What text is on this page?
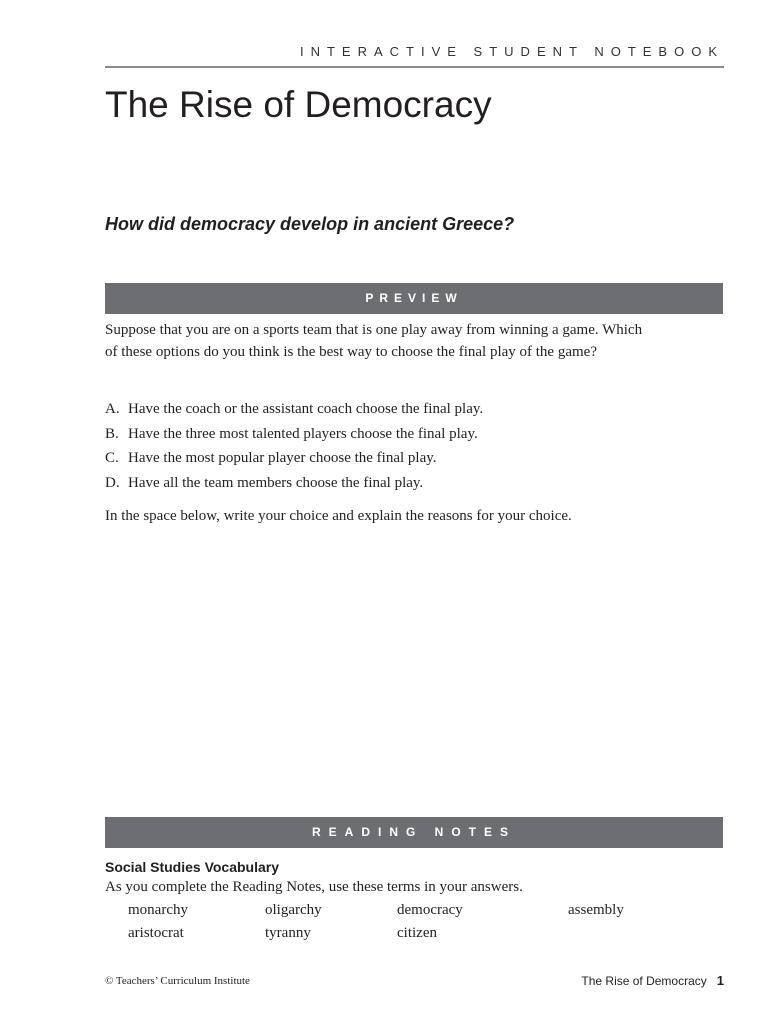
INTERACTIVE STUDENT NOTEBOOK
The Rise of Democracy
How did democracy develop in ancient Greece?
PREVIEW
Suppose that you are on a sports team that is one play away from winning a game. Which of these options do you think is the best way to choose the final play of the game?
A. Have the coach or the assistant coach choose the final play.
B. Have the three most talented players choose the final play.
C. Have the most popular player choose the final play.
D. Have all the team members choose the final play.
In the space below, write your choice and explain the reasons for your choice.
READING NOTES
Social Studies Vocabulary
As you complete the Reading Notes, use these terms in your answers.
monarchy	oligarchy	democracy	assembly
aristocrat	tyranny	citizen
© Teachers’ Curriculum Institute	The Rise of Democracy 1
